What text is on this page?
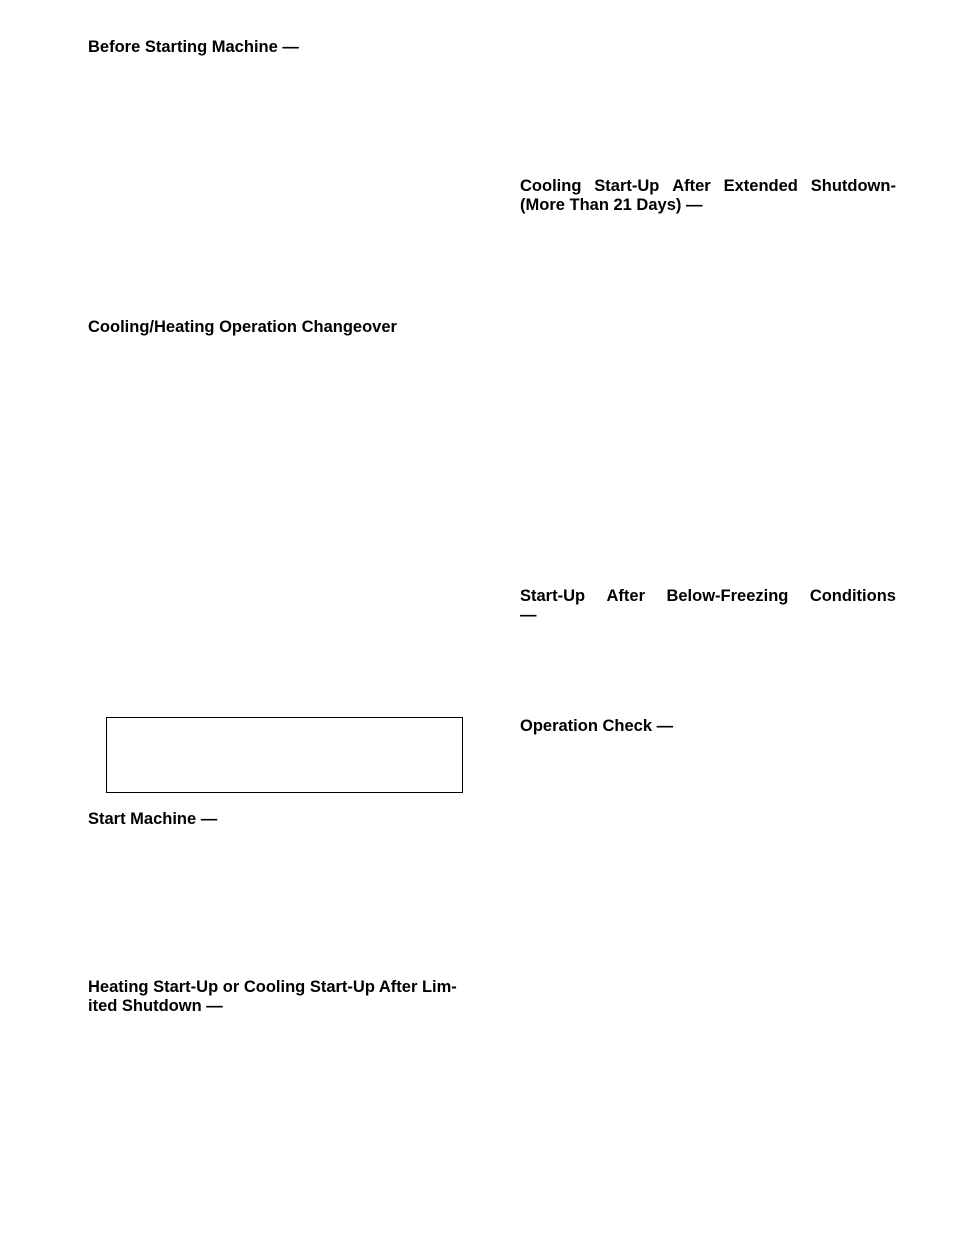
Before Starting Machine —
Cooling/Heating Operation Changeover
Start Machine —
Heating Start-Up or Cooling Start-Up After Lim-
ited Shutdown —
Cooling Start-Up After Extended Shutdown-
(More Than 21 Days) —
Start-Up After Below-Freezing Conditions
—
Operation Check —
